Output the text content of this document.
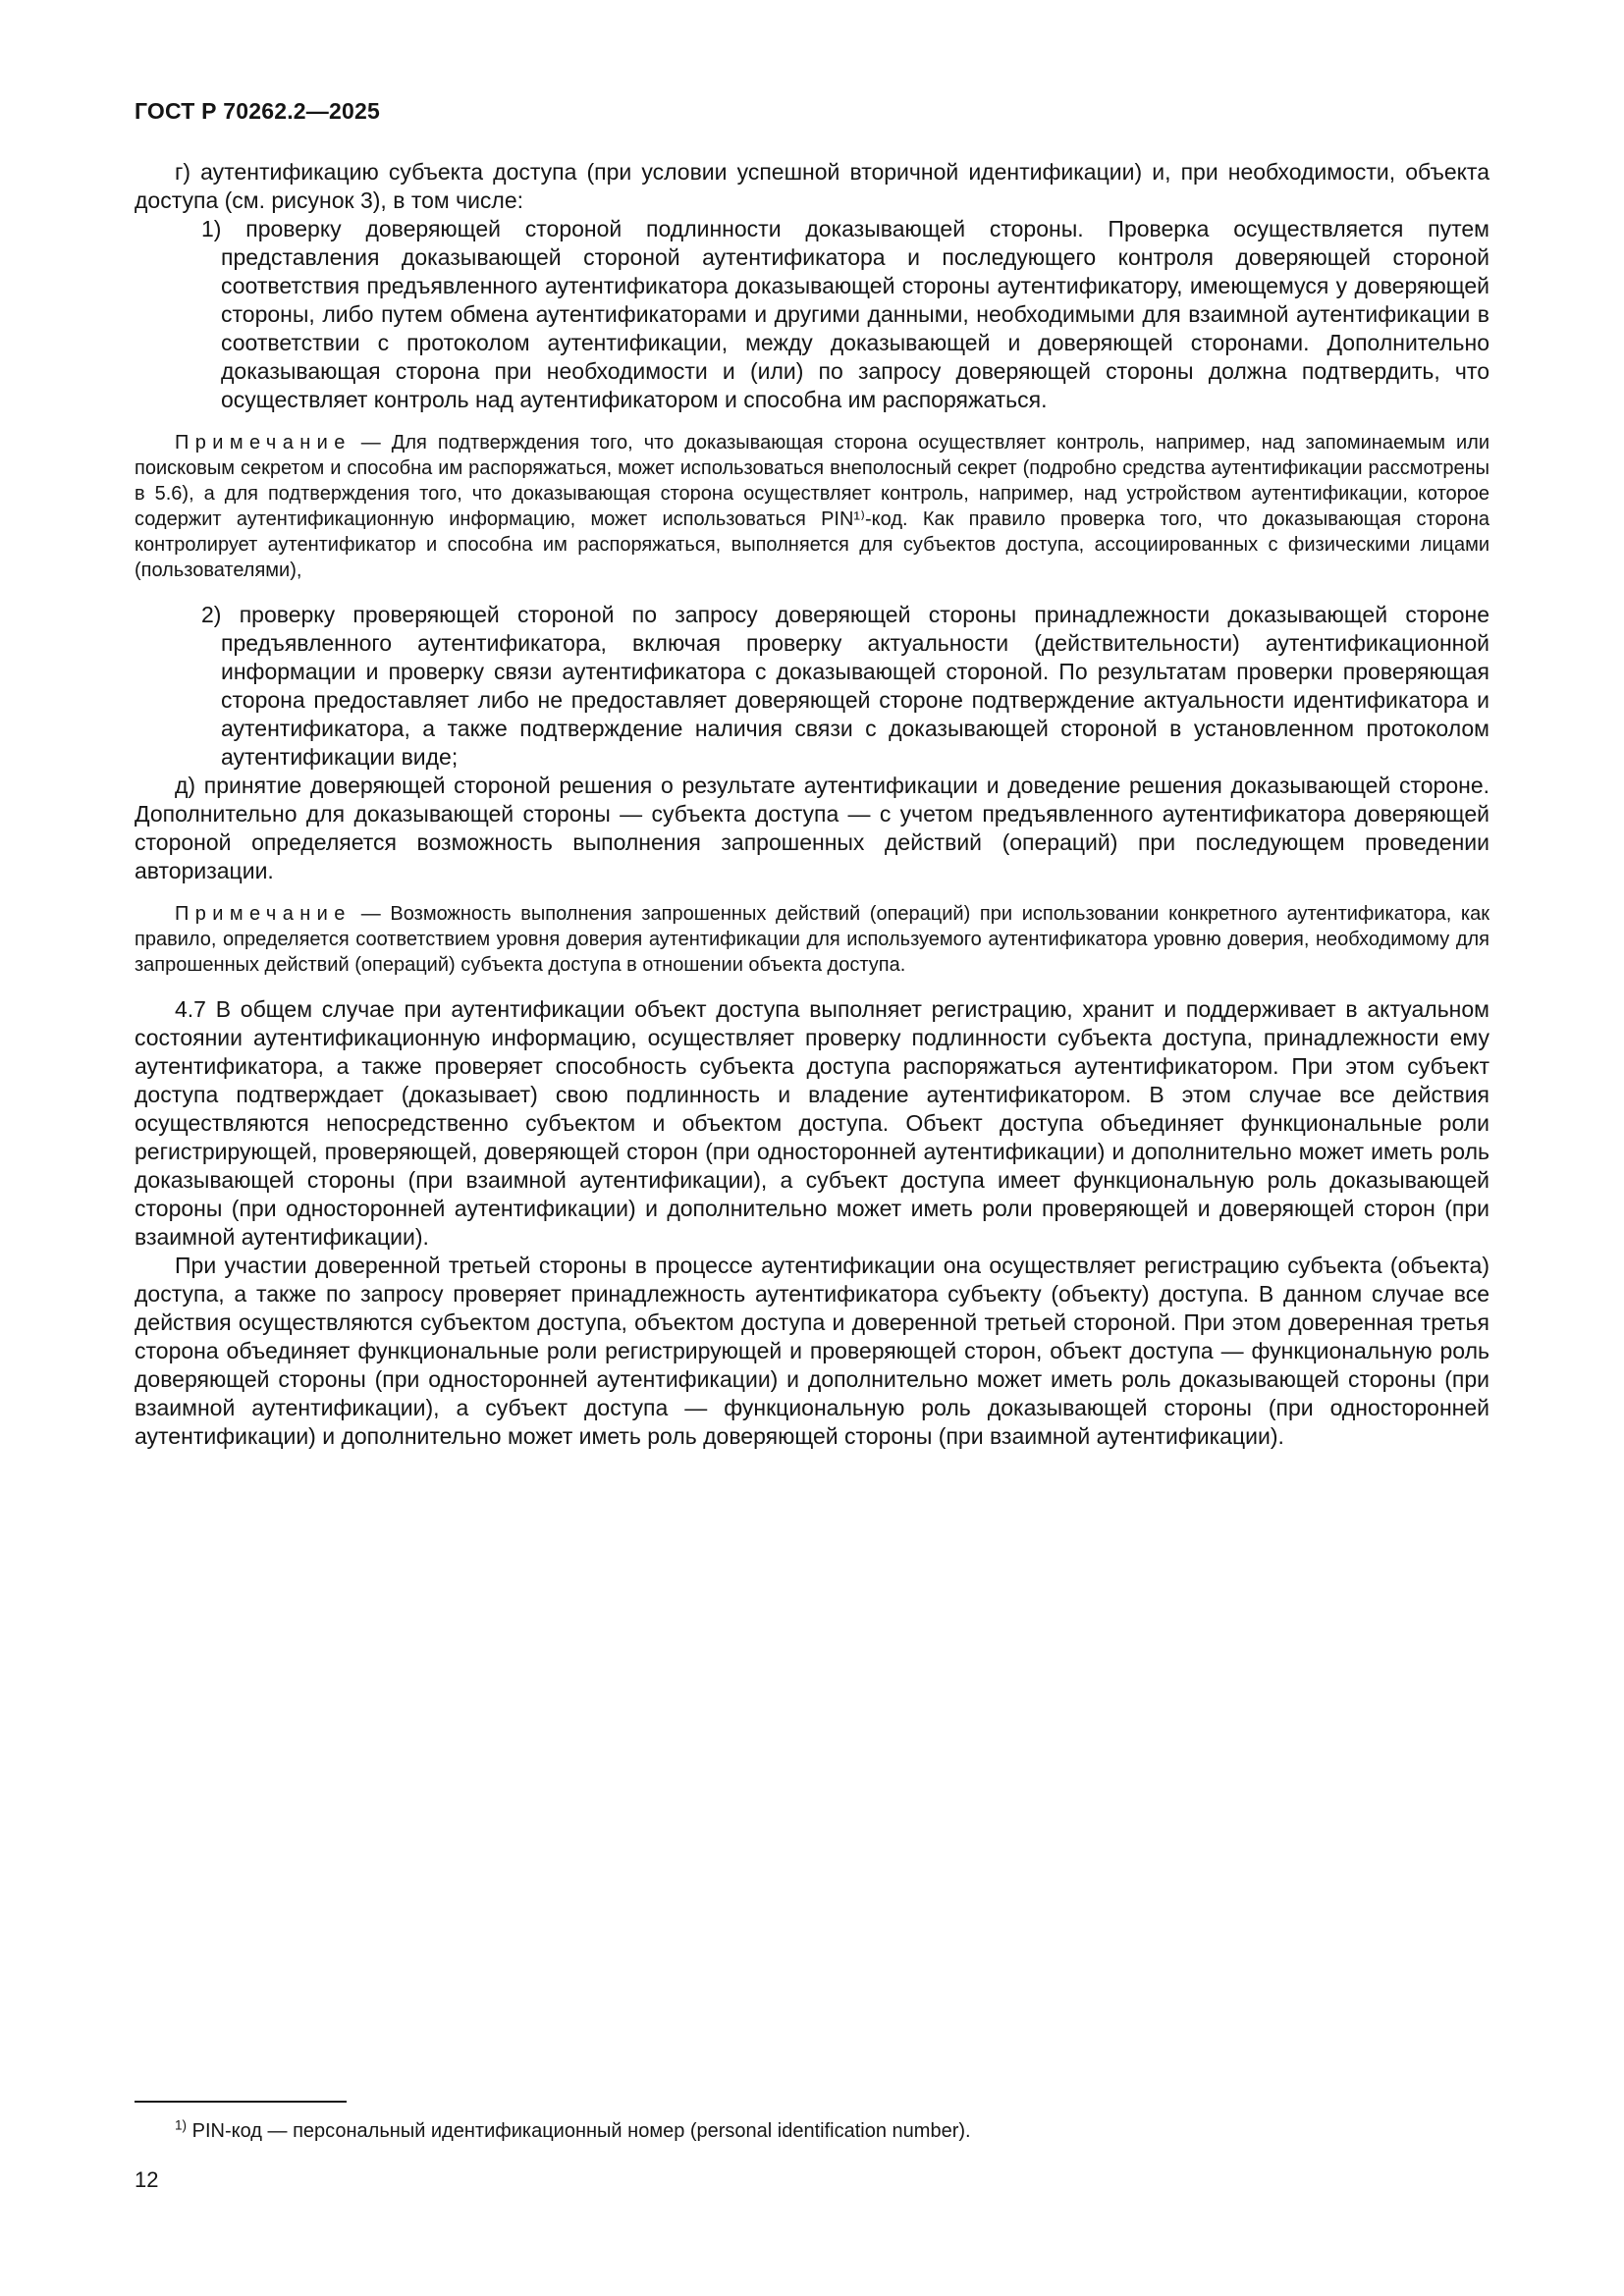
ГОСТ Р 70262.2—2025

г) аутентификацию субъекта доступа (при условии успешной вторичной идентификации) и, при необходимости, объекта доступа (см. рисунок 3), в том числе:

1) проверку доверяющей стороной подлинности доказывающей стороны. Проверка осуществляется путем представления доказывающей стороной аутентификатора и последующего контроля доверяющей стороной соответствия предъявленного аутентификатора доказывающей стороны аутентификатору, имеющемуся у доверяющей стороны, либо путем обмена аутентификаторами и другими данными, необходимыми для взаимной аутентификации в соответствии с протоколом аутентификации, между доказывающей и доверяющей сторонами. Дополнительно доказывающая сторона при необходимости и (или) по запросу доверяющей стороны должна подтвердить, что осуществляет контроль над аутентификатором и способна им распоряжаться.

Примечание — Для подтверждения того, что доказывающая сторона осуществляет контроль, например, над запоминаемым или поисковым секретом и способна им распоряжаться, может использоваться внеполосный секрет (подробно средства аутентификации рассмотрены в 5.6), а для подтверждения того, что доказывающая сторона осуществляет контроль, например, над устройством аутентификации, которое содержит аутентификационную информацию, может использоваться PIN¹⁾-код. Как правило проверка того, что доказывающая сторона контролирует аутентификатор и способна им распоряжаться, выполняется для субъектов доступа, ассоциированных с физическими лицами (пользователями),

2) проверку проверяющей стороной по запросу доверяющей стороны принадлежности доказывающей стороне предъявленного аутентификатора, включая проверку актуальности (действительности) аутентификационной информации и проверку связи аутентификатора с доказывающей стороной. По результатам проверки проверяющая сторона предоставляет либо не предоставляет доверяющей стороне подтверждение актуальности идентификатора и аутентификатора, а также подтверждение наличия связи с доказывающей стороной в установленном протоколом аутентификации виде;

д) принятие доверяющей стороной решения о результате аутентификации и доведение решения доказывающей стороне. Дополнительно для доказывающей стороны — субъекта доступа — с учетом предъявленного аутентификатора доверяющей стороной определяется возможность выполнения запрошенных действий (операций) при последующем проведении авторизации.

Примечание — Возможность выполнения запрошенных действий (операций) при использовании конкретного аутентификатора, как правило, определяется соответствием уровня доверия аутентификации для используемого аутентификатора уровню доверия, необходимому для запрошенных действий (операций) субъекта доступа в отношении объекта доступа.

4.7 В общем случае при аутентификации объект доступа выполняет регистрацию, хранит и поддерживает в актуальном состоянии аутентификационную информацию, осуществляет проверку подлинности субъекта доступа, принадлежности ему аутентификатора, а также проверяет способность субъекта доступа распоряжаться аутентификатором. При этом субъект доступа подтверждает (доказывает) свою подлинность и владение аутентификатором. В этом случае все действия осуществляются непосредственно субъектом и объектом доступа. Объект доступа объединяет функциональные роли регистрирующей, проверяющей, доверяющей сторон (при односторонней аутентификации) и дополнительно может иметь роль доказывающей стороны (при взаимной аутентификации), а субъект доступа имеет функциональную роль доказывающей стороны (при односторонней аутентификации) и дополнительно может иметь роли проверяющей и доверяющей сторон (при взаимной аутентификации).

При участии доверенной третьей стороны в процессе аутентификации она осуществляет регистрацию субъекта (объекта) доступа, а также по запросу проверяет принадлежность аутентификатора субъекту (объекту) доступа. В данном случае все действия осуществляются субъектом доступа, объектом доступа и доверенной третьей стороной. При этом доверенная третья сторона объединяет функциональные роли регистрирующей и проверяющей сторон, объект доступа — функциональную роль доверяющей стороны (при односторонней аутентификации) и дополнительно может иметь роль доказывающей стороны (при взаимной аутентификации), а субъект доступа — функциональную роль доказывающей стороны (при односторонней аутентификации) и дополнительно может иметь роль доверяющей стороны (при взаимной аутентификации).

$^{1)}$ PIN-код — персональный идентификационный номер (personal identification number).

12
